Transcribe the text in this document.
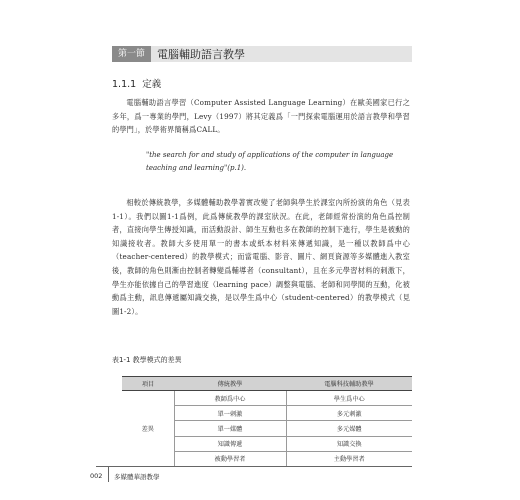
第一節	電腦輔助語言教學
1.1.1 定義
電腦輔助語言學習（Computer Assisted Language Learning）在歐美國家已行之多年，爲一專業的學門，Levy（1997）將其定義爲「一門探索電腦運用於語言教學和學習的學門」，於學術界簡稱爲CALL。
"the search for and study of applications of the computer in language teaching and learning"(p.1).
相較於傳統教學，多媒體輔助教學著實改變了老師與學生於課室內所扮演的角色（見表1-1）。我們以圖1-1爲例，此爲傳統教學的課室狀況。在此，老師經常扮演的角色爲控制者，直接向學生傳授知識，而活動設計、師生互動也多在教師的控制下進行，學生是被動的知識接收者。教師大多使用單一的書本或紙本材料來傳遞知識，是一種以教師爲中心（teacher-centered）的教學模式；而當電腦、影音、圖片、網頁資源等多媒體進入教室後，教師的角色則漸由控制者轉變爲輔導者（consultant），且在多元學習材料的刺激下，學生亦能依據自己的學習進度（learning pace）調整與電腦、老師和同學間的互動，化被動爲主動，訊息傳遞屬知識交換，是以學生爲中心（student-centered）的教學模式（見圖1-2）。
表1-1 教學模式的差異
項目	傳統教學	電腦科技輔助教學
差異	教師爲中心	學生爲中心
	單一刺激	多元刺激
	單一媒體	多元媒體
	知識傳遞	知識交換
	被動學習者	主動學習者
002 多媒體華語教學
